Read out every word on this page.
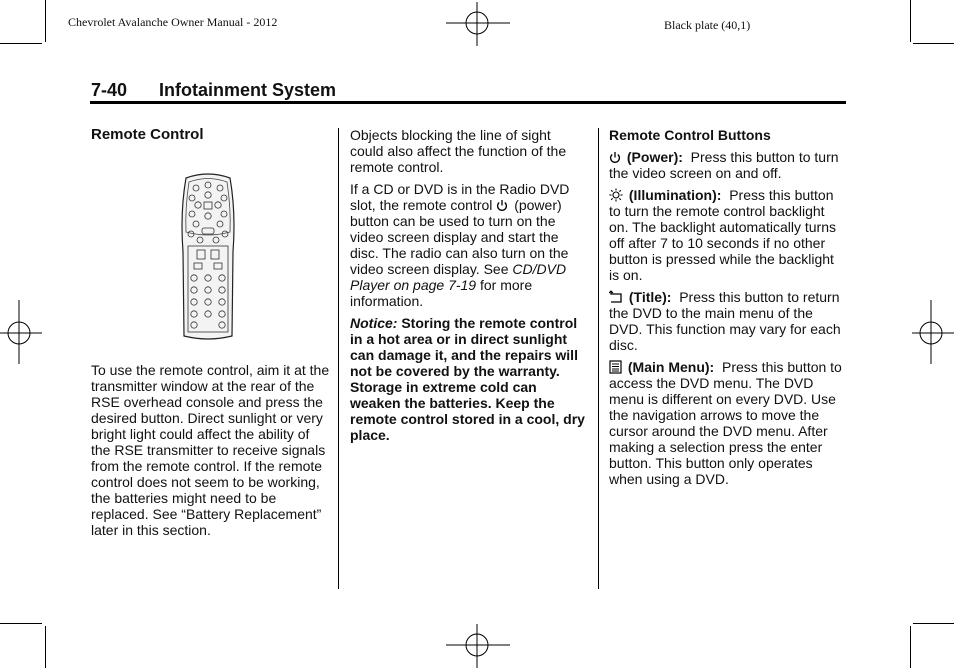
Chevrolet Avalanche Owner Manual - 2012	Black plate (40,1)
7-40 Infotainment System
Remote Control

To use the remote control, aim it at the transmitter window at the rear of the RSE overhead console and press the desired button. Direct sunlight or very bright light could affect the ability of the RSE transmitter to receive signals from the remote control. If the remote control does not seem to be working, the batteries might need to be replaced. See “Battery Replacement” later in this section.

Objects blocking the line of sight could also affect the function of the remote control.

If a CD or DVD is in the Radio DVD slot, the remote control (power) button can be used to turn on the video screen display and start the disc. The radio can also turn on the video screen display. See CD/DVD Player on page 7-19 for more information.

Notice: Storing the remote control in a hot area or in direct sunlight can damage it, and the repairs will not be covered by the warranty. Storage in extreme cold can weaken the batteries. Keep the remote control stored in a cool, dry place.

Remote Control Buttons

(Power): Press this button to turn the video screen on and off.

(Illumination): Press this button to turn the remote control backlight on. The backlight automatically turns off after 7 to 10 seconds if no other button is pressed while the backlight is on.

(Title): Press this button to return the DVD to the main menu of the DVD. This function may vary for each disc.

(Main Menu): Press this button to access the DVD menu. The DVD menu is different on every DVD. Use the navigation arrows to move the cursor around the DVD menu. After making a selection press the enter button. This button only operates when using a DVD.
